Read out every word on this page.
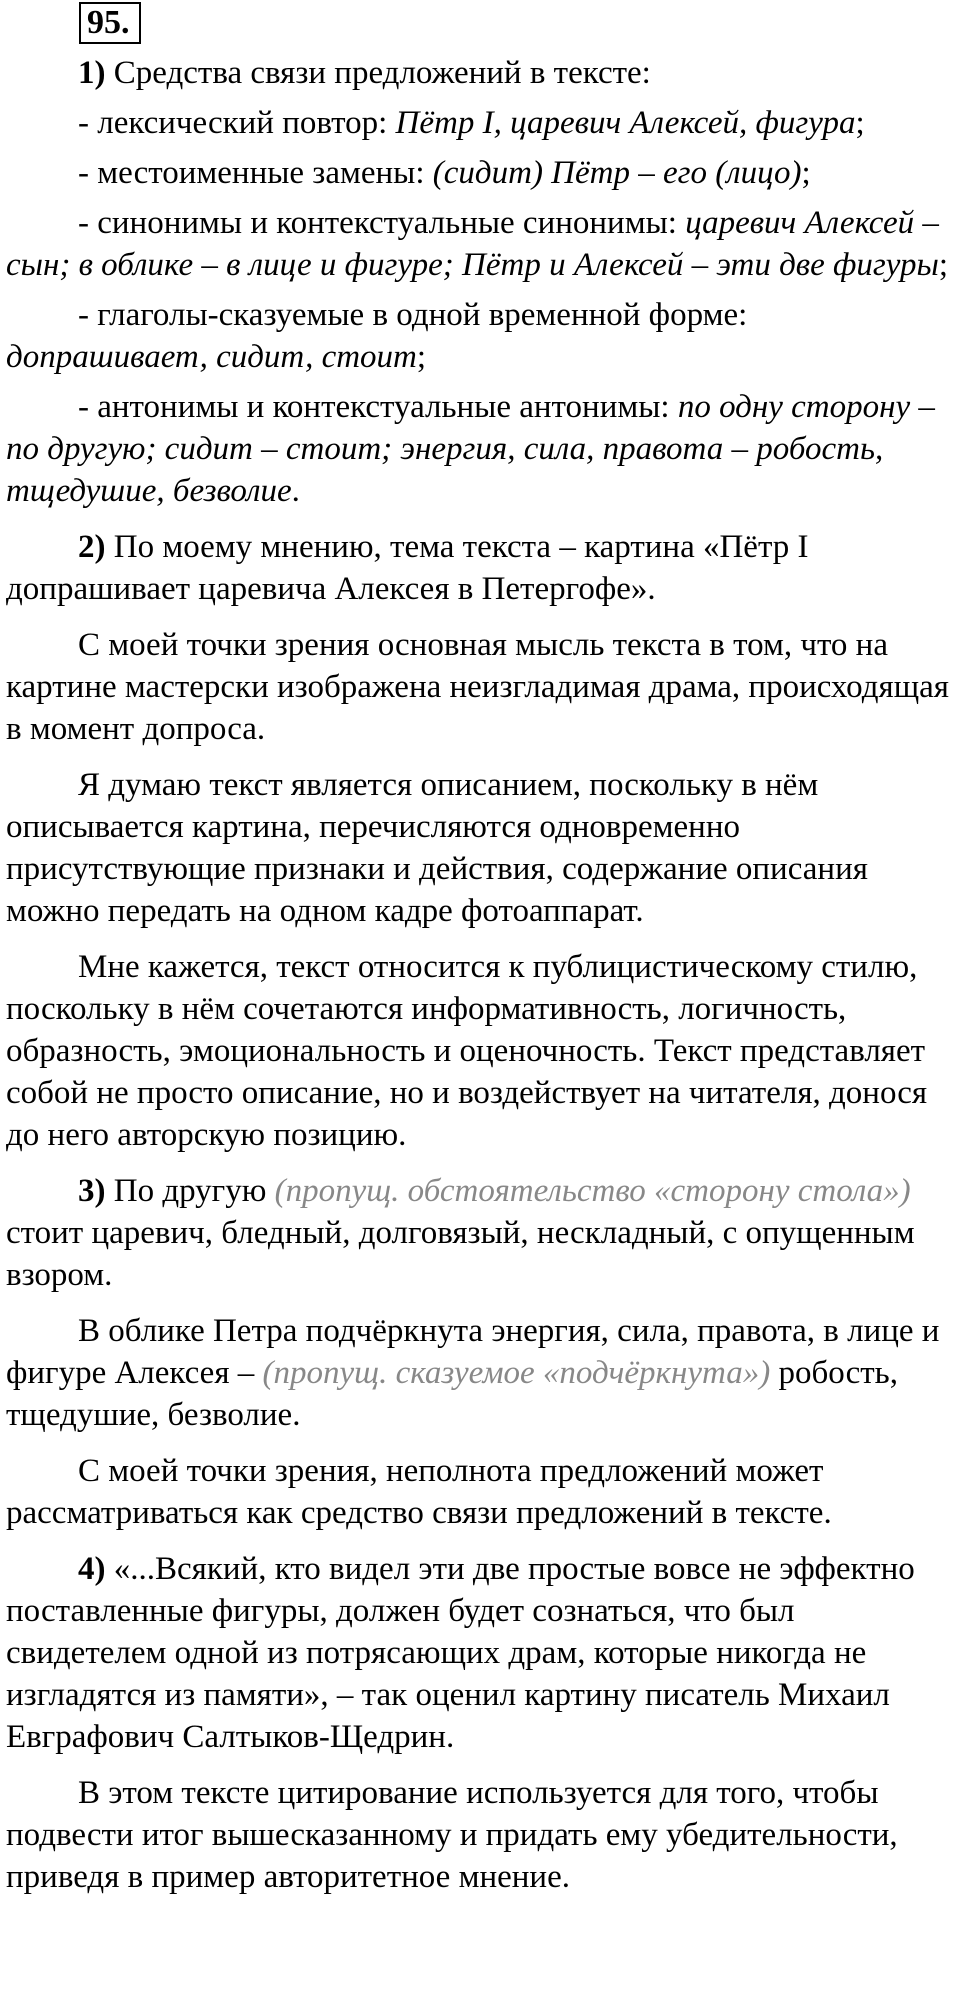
95.

1) Средства связи предложений в тексте:

- лексический повтор: Пётр I, царевич Алексей, фигура;

- местоименные замены: (сидит) Пётр – его (лицо);

- синонимы и контекстуальные синонимы: царевич Алексей – сын; в облике – в лице и фигуре; Пётр и Алексей – эти две фигуры;

- глаголы-сказуемые в одной временной форме: допрашивает, сидит, стоит;

- антонимы и контекстуальные антонимы: по одну сторону – по другую; сидит – стоит; энергия, сила, правота – робость, тщедушие, безволие.

2) По моему мнению, тема текста – картина «Пётр I допрашивает царевича Алексея в Петергофе».

С моей точки зрения основная мысль текста в том, что на картине мастерски изображена неизгладимая драма, происходящая в момент допроса.

Я думаю текст является описанием, поскольку в нём описывается картина, перечисляются одновременно присутствующие признаки и действия, содержание описания можно передать на одном кадре фотоаппарат.

Мне кажется, текст относится к публицистическому стилю, поскольку в нём сочетаются информативность, логичность, образность, эмоциональность и оценочность. Текст представляет собой не просто описание, но и воздействует на читателя, донося до него авторскую позицию.

3) По другую (пропущ. обстоятельство «сторону стола») стоит царевич, бледный, долговязый, нескладный, с опущенным взором.

В облике Петра подчёркнута энергия, сила, правота, в лице и фигуре Алексея – (пропущ. сказуемое «подчёркнута») робость, тщедушие, безволие.

С моей точки зрения, неполнота предложений может рассматриваться как средство связи предложений в тексте.

4) «...Всякий, кто видел эти две простые вовсе не эффектно поставленные фигуры, должен будет сознаться, что был свидетелем одной из потрясающих драм, которые никогда не изгладятся из памяти», – так оценил картину писатель Михаил Евграфович Салтыков-Щедрин.

В этом тексте цитирование используется для того, чтобы подвести итог вышесказанному и придать ему убедительности, приведя в пример авторитетное мнение.
